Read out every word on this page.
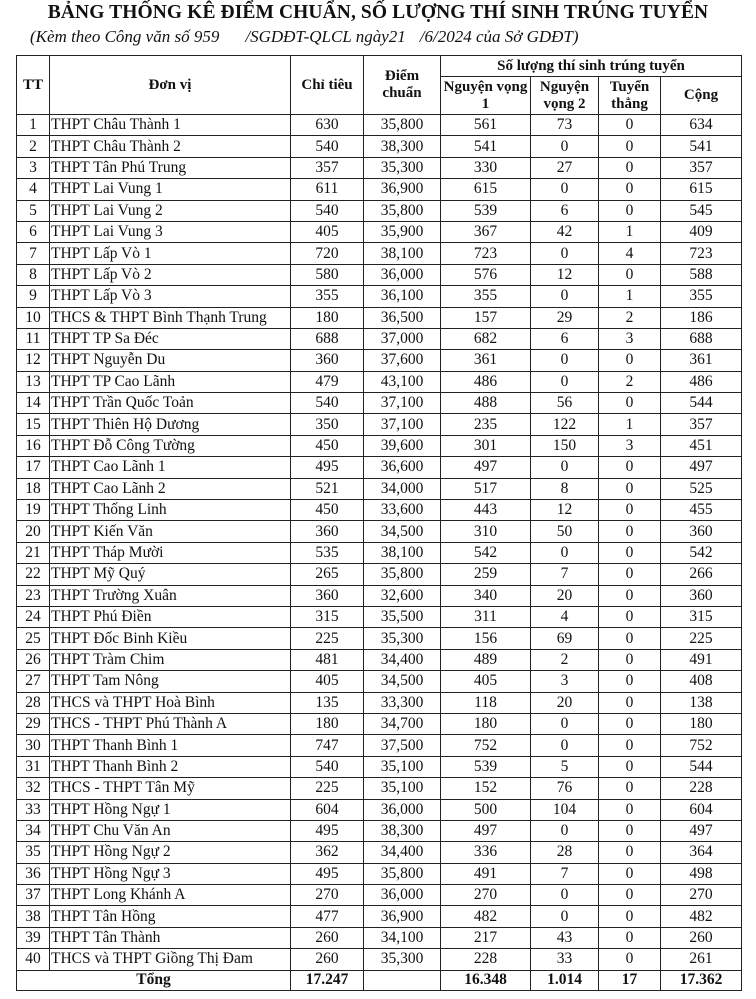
BẢNG THỐNG KÊ ĐIỂM CHUẨN, SỐ LƯỢNG THÍ SINH TRÚNG TUYỂN
(Kèm theo Công văn số 959 /SGDĐT-QLCL ngày21 /6/2024 của Sở GDĐT)
TT	Đơn vị	Chỉ tiêu	Điểm chuẩn	Số lượng thí sinh trúng tuyển			
				Nguyện vọng 1	Nguyện vọng 2	Tuyển thẳng	Cộng
1	THPT Châu Thành 1	630	35,800	561	73	0	634
2	THPT Châu Thành 2	540	38,300	541	0	0	541
3	THPT Tân Phú Trung	357	35,300	330	27	0	357
4	THPT Lai Vung 1	611	36,900	615	0	0	615
5	THPT Lai Vung 2	540	35,800	539	6	0	545
6	THPT Lai Vung 3	405	35,900	367	42	1	409
7	THPT Lấp Vò 1	720	38,100	723	0	4	723
8	THPT Lấp Vò 2	580	36,000	576	12	0	588
9	THPT Lấp Vò 3	355	36,100	355	0	1	355
10	THCS & THPT Bình Thạnh Trung	180	36,500	157	29	2	186
11	THPT TP Sa Đéc	688	37,000	682	6	3	688
12	THPT Nguyễn Du	360	37,600	361	0	0	361
13	THPT TP Cao Lãnh	479	43,100	486	0	2	486
14	THPT Trần Quốc Toản	540	37,100	488	56	0	544
15	THPT Thiên Hộ Dương	350	37,100	235	122	1	357
16	THPT Đỗ Công Tường	450	39,600	301	150	3	451
17	THPT Cao Lãnh 1	495	36,600	497	0	0	497
18	THPT Cao Lãnh 2	521	34,000	517	8	0	525
19	THPT Thống Linh	450	33,600	443	12	0	455
20	THPT Kiến Văn	360	34,500	310	50	0	360
21	THPT Tháp Mười	535	38,100	542	0	0	542
22	THPT Mỹ Quý	265	35,800	259	7	0	266
23	THPT Trường Xuân	360	32,600	340	20	0	360
24	THPT Phú Điền	315	35,500	311	4	0	315
25	THPT Đốc Binh Kiều	225	35,300	156	69	0	225
26	THPT Tràm Chim	481	34,400	489	2	0	491
27	THPT Tam Nông	405	34,500	405	3	0	408
28	THCS và THPT Hoà Bình	135	33,300	118	20	0	138
29	THCS - THPT Phú Thành A	180	34,700	180	0	0	180
30	THPT Thanh Bình 1	747	37,500	752	0	0	752
31	THPT Thanh Bình 2	540	35,100	539	5	0	544
32	THCS - THPT Tân Mỹ	225	35,100	152	76	0	228
33	THPT Hồng Ngự 1	604	36,000	500	104	0	604
34	THPT Chu Văn An	495	38,300	497	0	0	497
35	THPT Hồng Ngự 2	362	34,400	336	28	0	364
36	THPT Hồng Ngự 3	495	35,800	491	7	0	498
37	THPT Long Khánh A	270	36,000	270	0	0	270
38	THPT Tân Hồng	477	36,900	482	0	0	482
39	THPT Tân Thành	260	34,100	217	43	0	260
40	THCS và THPT Giồng Thị Đam	260	35,300	228	33	0	261
Tổng		17.247		16.348	1.014	17	17.362
